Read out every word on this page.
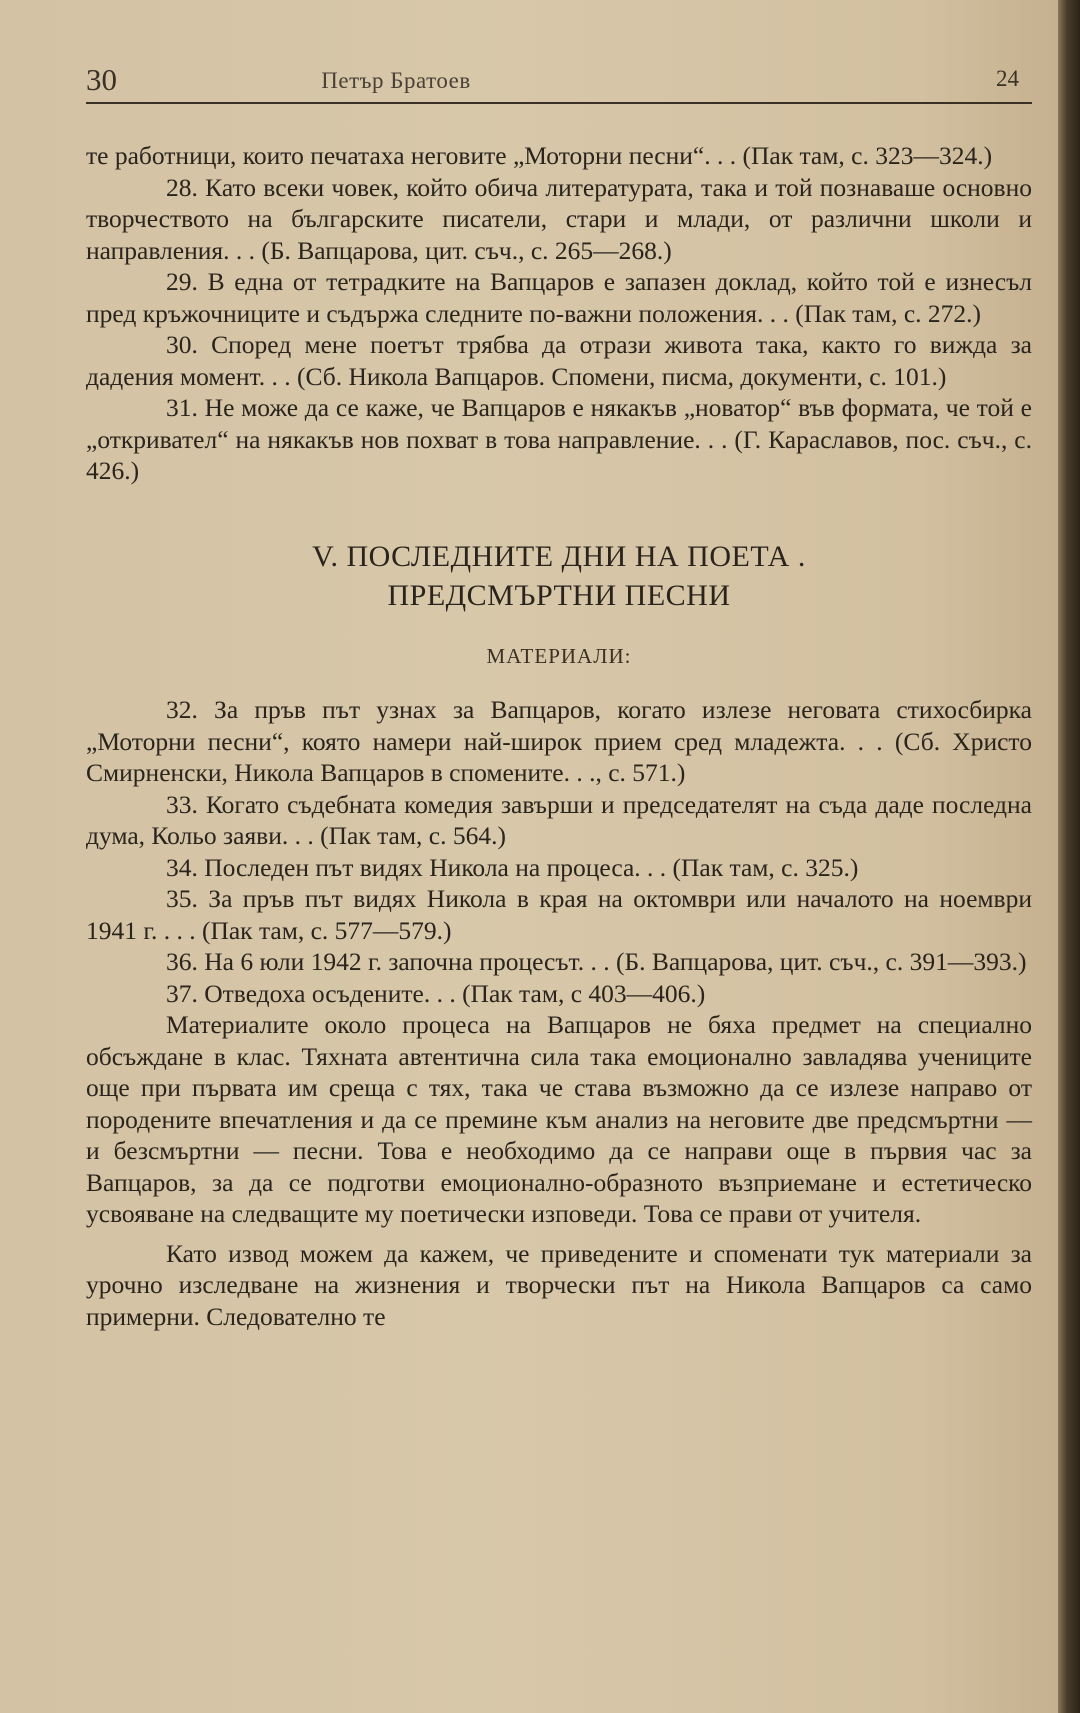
30	Петър Братоев	24

те работници, които печатаха неговите „Моторни песни“. . . (Пак там, с. 323—324.)

28. Като всеки човек, който обича литературата, така и той познаваше основно творчеството на българските писатели, стари и млади, от различни школи и направления. . . (Б. Вапцарова, цит. съч., с. 265—268.)

29. В една от тетрадките на Вапцаров е запазен доклад, който той е изнесъл пред кръжочниците и съдържа следните по-важни положения. . . (Пак там, с. 272.)

30. Според мене поетът трябва да отрази живота така, както го вижда за дадения момент. . . (Сб. Никола Вапцаров. Спомени, писма, документи, с. 101.)

31. Не може да се каже, че Вапцаров е някакъв „новатор“ във формата, че той е „откривател“ на някакъв нов похват в това направление. . . (Г. Караславов, пос. съч., с. 426.)

V. ПОСЛЕДНИТЕ ДНИ НА ПОЕТА .
ПРЕДСМЪРТНИ ПЕСНИ
МАТЕРИАЛИ:

32. За пръв път узнах за Вапцаров, когато излезе неговата стихосбирка „Моторни песни“, която намери най-широк прием сред младежта. . . (Сб. Христо Смирненски, Никола Вапцаров в спомените. . ., с. 571.)

33. Когато съдебната комедия завърши и председателят на съда даде последна дума, Кольо заяви. . . (Пак там, с. 564.)

34. Последен път видях Никола на процеса. . . (Пак там, с. 325.)

35. За пръв път видях Никола в края на октомври или началото на ноември 1941 г. . . . (Пак там, с. 577—579.)

36. На 6 юли 1942 г. започна процесът. . . (Б. Вапцарова, цит. съч., с. 391—393.)

37. Отведоха осъдените. . . (Пак там, с 403—406.)

Материалите около процеса на Вапцаров не бяха предмет на специално обсъждане в клас. Тяхната автентична сила така емоционално завладява учениците още при първата им среща с тях, така че става възможно да се излезе направо от породените впечатления и да се премине към анализ на неговите две предсмъртни — и безсмъртни — песни. Това е необходимо да се направи още в първия час за Вапцаров, за да се подготви емоционално-образното възприемане и естетическо усвояване на следващите му поетически изповеди. Това се прави от учителя.

Като извод можем да кажем, че приведените и споменати тук материали за урочно изследване на жизнения и творчески път на Никола Вапцаров са само примерни. Следователно те
